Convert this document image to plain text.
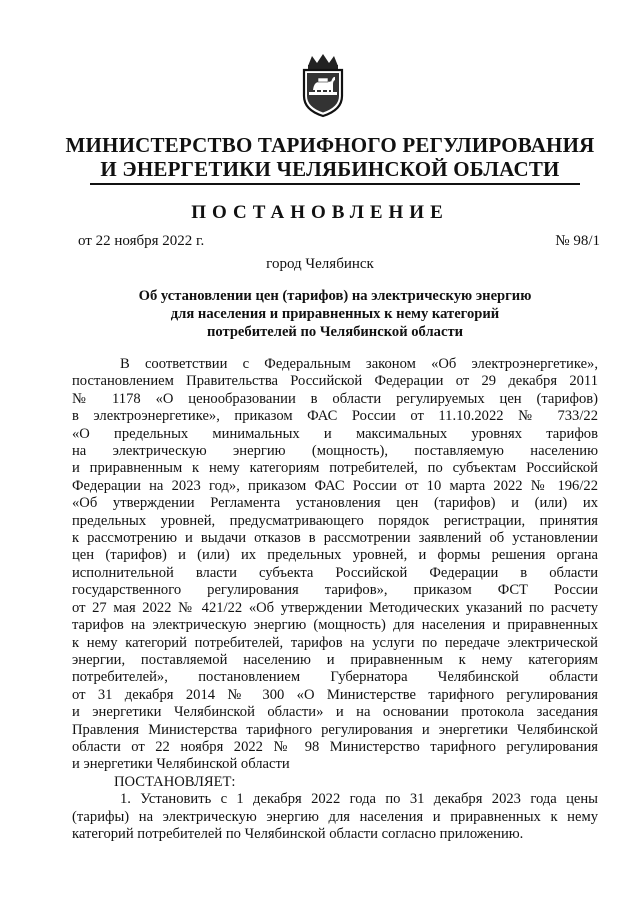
МИНИСТЕРСТВО ТАРИФНОГО РЕГУЛИРОВАНИЯ
И ЭНЕРГЕТИКИ ЧЕЛЯБИНСКОЙ ОБЛАСТИ
ПОСТАНОВЛЕНИЕ
от 22 ноября 2022 г.	№ 98/1
город Челябинск
Об установлении цен (тарифов) на электрическую энергию
для населения и приравненных к нему категорий
потребителей по Челябинской области
В соответствии с Федеральным законом «Об электроэнергетике»,
постановлением Правительства Российской Федерации от 29 декабря 2011
№ 1178 «О ценообразовании в области регулируемых цен (тарифов)
в электроэнергетике», приказом ФАС России от 11.10.2022 № 733/22
«О предельных минимальных и максимальных уровнях тарифов
на электрическую энергию (мощность), поставляемую населению
и приравненным к нему категориям потребителей, по субъектам Российской
Федерации на 2023 год», приказом ФАС России от 10 марта 2022 № 196/22
«Об утверждении Регламента установления цен (тарифов) и (или) их
предельных уровней, предусматривающего порядок регистрации, принятия
к рассмотрению и выдачи отказов в рассмотрении заявлений об установлении
цен (тарифов) и (или) их предельных уровней, и формы решения органа
исполнительной власти субъекта Российской Федерации в области
государственного регулирования тарифов», приказом ФСТ России
от 27 мая 2022 № 421/22 «Об утверждении Методических указаний по расчету
тарифов на электрическую энергию (мощность) для населения и приравненных
к нему категорий потребителей, тарифов на услуги по передаче электрической
энергии, поставляемой населению и приравненным к нему категориям
потребителей», постановлением Губернатора Челябинской области
от 31 декабря 2014 № 300 «О Министерстве тарифного регулирования
и энергетики Челябинской области» и на основании протокола заседания
Правления Министерства тарифного регулирования и энергетики Челябинской
области от 22 ноября 2022 № 98 Министерство тарифного регулирования
и энергетики Челябинской области
ПОСТАНОВЛЯЕТ:
1. Установить с 1 декабря 2022 года по 31 декабря 2023 года цены
(тарифы) на электрическую энергию для населения и приравненных к нему
категорий потребителей по Челябинской области согласно приложению.
